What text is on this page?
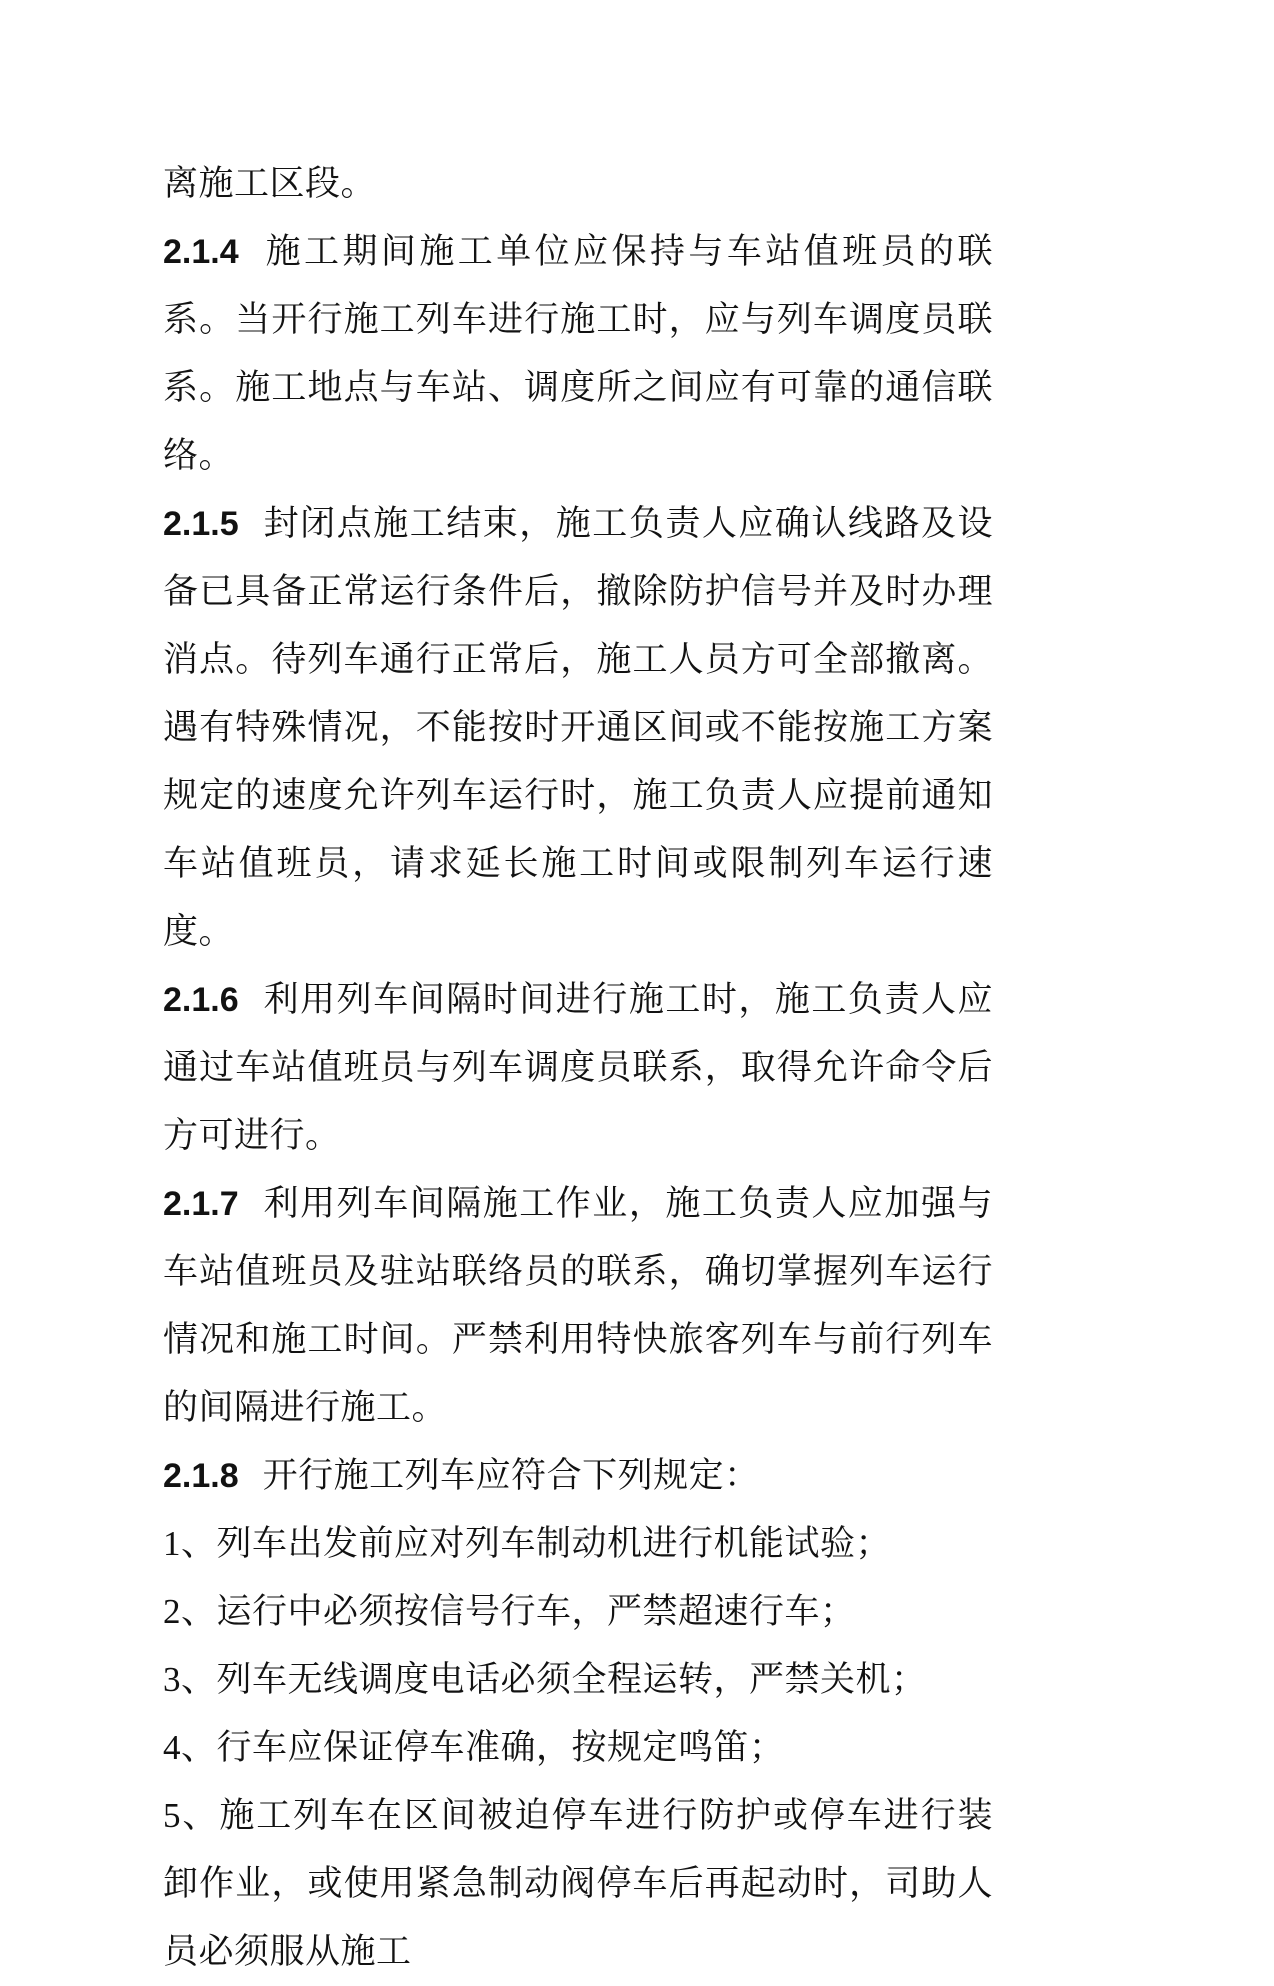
离施工区段。

2.1.4 施工期间施工单位应保持与车站值班员的联系。当开行施工列车进行施工时，应与列车调度员联系。施工地点与车站、调度所之间应有可靠的通信联络。

2.1.5 封闭点施工结束，施工负责人应确认线路及设备已具备正常运行条件后，撤除防护信号并及时办理消点。待列车通行正常后，施工人员方可全部撤离。遇有特殊情况，不能按时开通区间或不能按施工方案规定的速度允许列车运行时，施工负责人应提前通知车站值班员，请求延长施工时间或限制列车运行速度。

2.1.6 利用列车间隔时间进行施工时，施工负责人应通过车站值班员与列车调度员联系，取得允许命令后方可进行。

2.1.7 利用列车间隔施工作业，施工负责人应加强与车站值班员及驻站联络员的联系，确切掌握列车运行情况和施工时间。严禁利用特快旅客列车与前行列车的间隔进行施工。

2.1.8 开行施工列车应符合下列规定：

1、列车出发前应对列车制动机进行机能试验；

2、运行中必须按信号行车，严禁超速行车；

3、列车无线调度电话必须全程运转，严禁关机；

4、行车应保证停车准确，按规定鸣笛；

5、施工列车在区间被迫停车进行防护或停车进行装卸作业，或使用紧急制动阀停车后再起动时，司助人员必须服从施工
